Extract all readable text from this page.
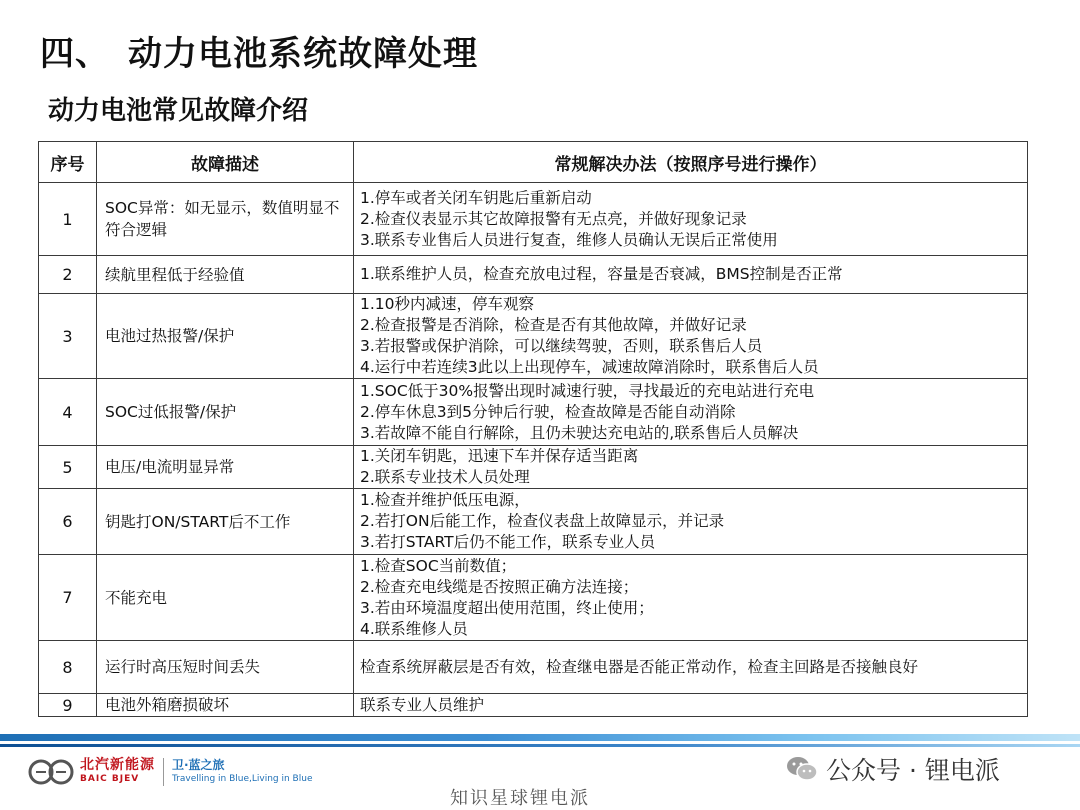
四、 动力电池系统故障处理
动力电池常见故障介绍
序号	故障描述	常规解决办法（按照序号进行操作）
1	SOC异常：如无显示，数值明显不符合逻辑	1.停车或者关闭车钥匙后重新启动
2.检查仪表显示其它故障报警有无点亮，并做好现象记录
3.联系专业售后人员进行复查，维修人员确认无误后正常使用

2	续航里程低于经验值	1.联系维护人员，检查充放电过程，容量是否衰减，BMS控制是否正常

3	电池过热报警/保护	1.10秒内减速，停车观察
2.检查报警是否消除，检查是否有其他故障，并做好记录
3.若报警或保护消除，可以继续驾驶，否则，联系售后人员
4.运行中若连续3此以上出现停车，减速故障消除时，联系售后人员

4	SOC过低报警/保护	1.SOC低于30%报警出现时减速行驶，寻找最近的充电站进行充电
2.停车休息3到5分钟后行驶，检查故障是否能自动消除
3.若故障不能自行解除，且仍未驶达充电站的,联系售后人员解决

5	电压/电流明显异常	1.关闭车钥匙，迅速下车并保存适当距离
2.联系专业技术人员处理

6	钥匙打ON/START后不工作	1.检查并维护低压电源，
2.若打ON后能工作，检查仪表盘上故障显示，并记录
3.若打START后仍不能工作，联系专业人员

7	不能充电	1.检查SOC当前数值；
2.检查充电线缆是否按照正确方法连接；
3.若由环境温度超出使用范围，终止使用；
4.联系维修人员

8	运行时高压短时间丢失	检查系统屏蔽层是否有效，检查继电器是否能正常动作，检查主回路是否接触良好

9	电池外箱磨损破坏	联系专业人员维护
北汽新能源
BAIC BJEV
卫·蓝之旅
Travelling in Blue,Living in Blue	公众号 · 锂电派
知识星球锂电派
